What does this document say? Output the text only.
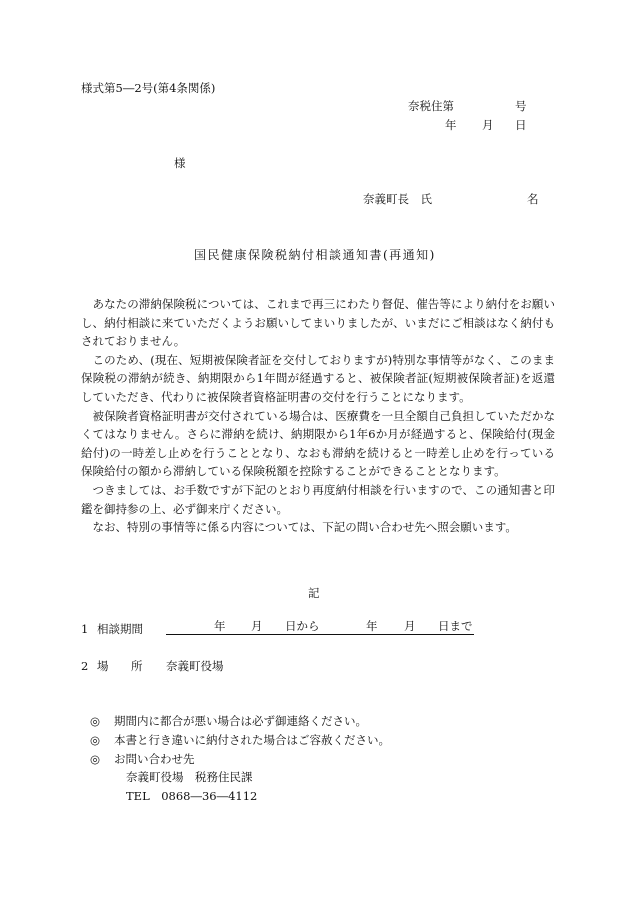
様式第5―2号(第4条関係)
奈税住第	号
年 月 日
様
奈義町長　氏	名
国民健康保険税納付相談通知書(再通知)

あなたの滞納保険税については、これまで再三にわたり督促、催告等により納付をお願いし、納付相談に来ていただくようお願いしてまいりましたが、いまだにご相談はなく納付もされておりません。

このため、(現在、短期被保険者証を交付しておりますが)特別な事情等がなく、このまま保険税の滞納が続き、納期限から1年間が経過すると、被保険者証(短期被保険者証)を返還していただき、代わりに被保険者資格証明書の交付を行うことになります。

被保険者資格証明書が交付されている場合は、医療費を一旦全額自己負担していただかなくてはなりません。さらに滞納を続け、納期限から1年6か月が経過すると、保険給付(現金給付)の一時差し止めを行うこととなり、なおも滞納を続けると一時差し止めを行っている保険給付の額から滞納している保険税額を控除することができることとなります。

つきましては、お手数ですが下記のとおり再度納付相談を行いますので、この通知書と印鑑を御持参の上、必ず御来庁ください。

なお、特別の事情等に係る内容については、下記の問い合わせ先へ照会願います。

記
1 相談期間	年 月 日から	年 月 日まで
2 場 所 奈義町役場
◎ 期間内に都合が悪い場合は必ず御連絡ください。
◎ 本書と行き違いに納付された場合はご容赦ください。
◎ お問い合わせ先
奈義町役場　税務住民課
TEL　0868―36―4112
